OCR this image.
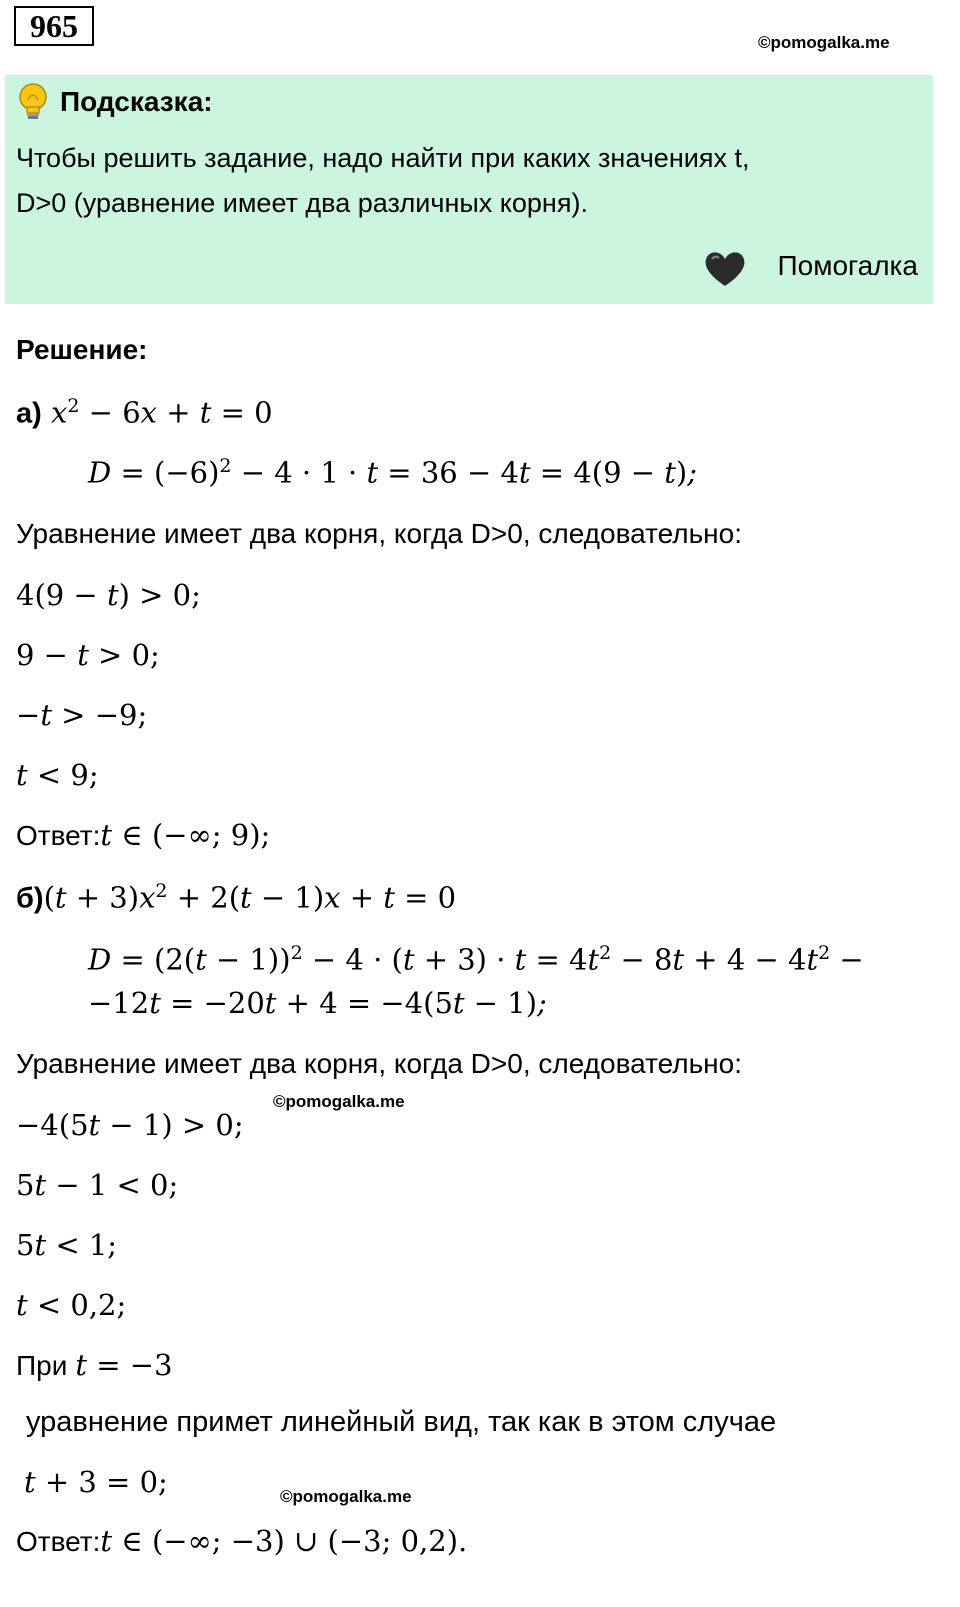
965	©pomogalka.me
Подсказка:
Чтобы решить задание, надо найти при каких значениях t,
D>0 (уравнение имеет два различных корня).
Помогалка
Решение:
а) $x^2 - 6x + t = 0$
$D = (-6)^2 - 4 \cdot 1 \cdot t = 36 - 4t = 4(9 - t)$;
Уравнение имеет два корня, когда D>0, следовательно:
4(9 − t) > 0;
9 − t > 0;
−t > −9;
t < 9;
Ответ:t ∈ (−∞; 9);
$б)(t + 3)x^2 + 2(t - 1)x + t = 0$
$D = (2(t - 1))^2 - 4 \cdot (t + 3) \cdot t = 4t^2 - 8t + 4 - 4t^2$ −
−12t = −20t + 4 = −4(5t − 1);
Уравнение имеет два корня, когда D>0, следовательно:
©pomogalka.me
−4(5t − 1) > 0;
5t − 1 < 0;
5t < 1;
t < 0,2;
При t = −3
уравнение примет линейный вид, так как в этом случае
t + 3 = 0;	©pomogalka.me
Ответ:t ∈ (−∞; −3) ∪ (−3; 0,2).
